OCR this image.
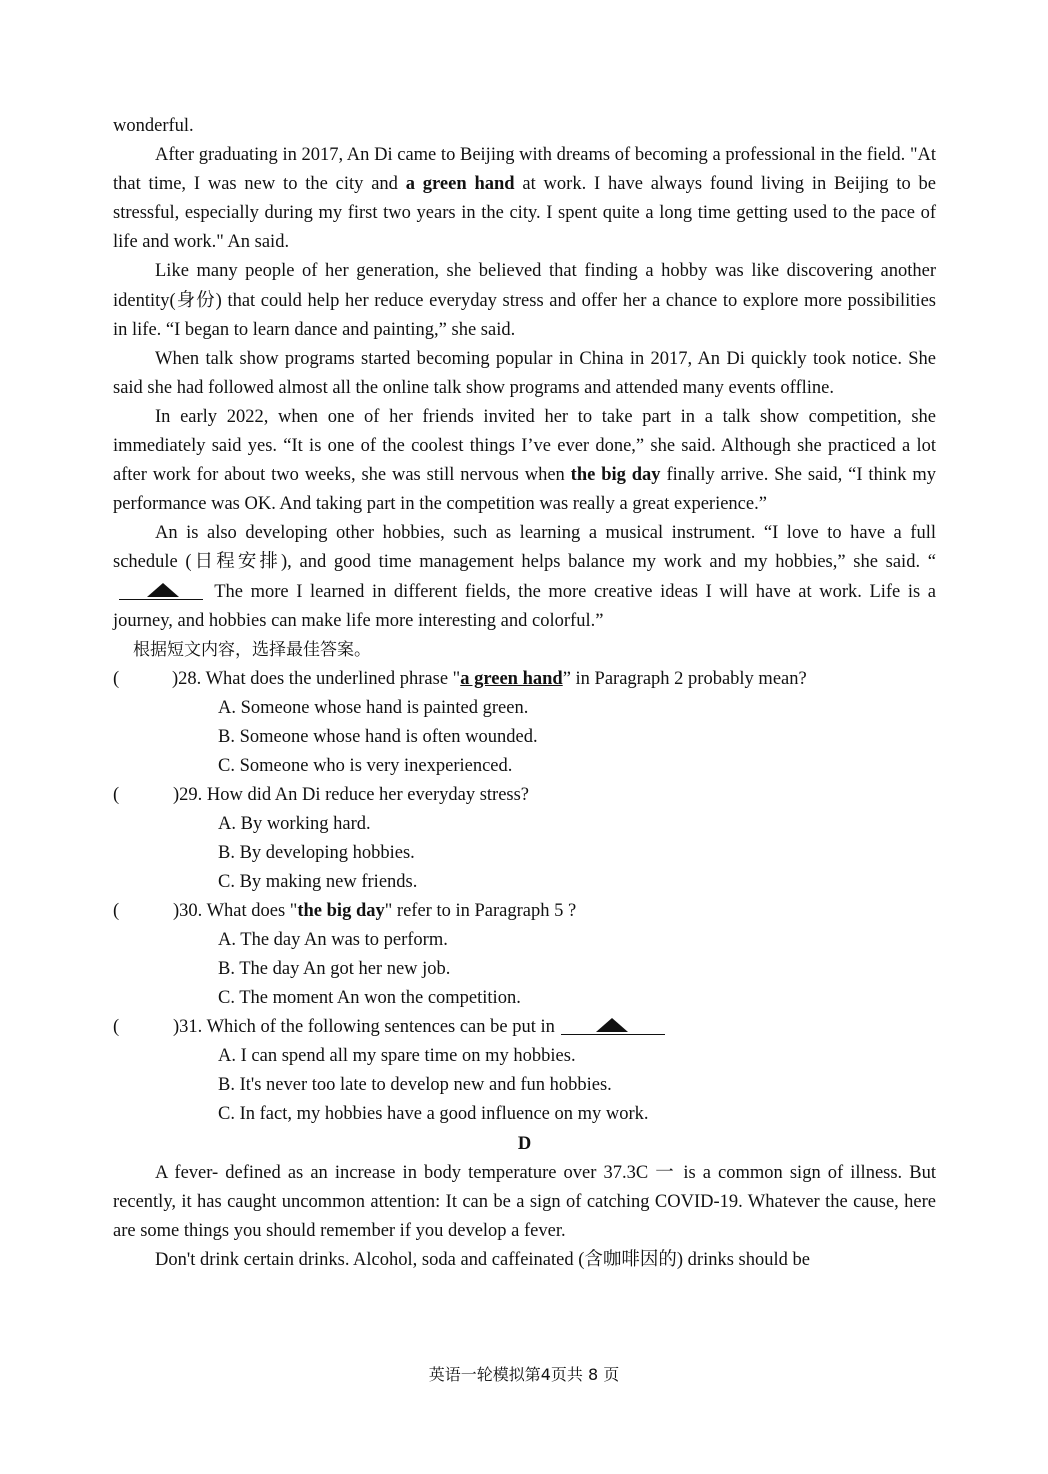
wonderful.

After graduating in 2017, An Di came to Beijing with dreams of becoming a professional in the field. "At that time, I was new to the city and a green hand at work. I have always found living in Beijing to be stressful, especially during my first two years in the city. I spent quite a long time getting used to the pace of life and work." An said.

Like many people of her generation, she believed that finding a hobby was like discovering another identity(身份) that could help her reduce everyday stress and offer her a chance to explore more possibilities in life. “I began to learn dance and painting,” she said.

When talk show programs started becoming popular in China in 2017, An Di quickly took notice. She said she had followed almost all the online talk show programs and attended many events offline.

In early 2022, when one of her friends invited her to take part in a talk show competition, she immediately said yes. “It is one of the coolest things I’ve ever done,” she said. Although she practiced a lot after work for about two weeks, she was still nervous when the big day finally arrive. She said, “I think my performance was OK. And taking part in the competition was really a great experience.”

An is also developing other hobbies, such as learning a musical instrument. “I love to have a full schedule (日程安排), and good time management helps balance my work and my hobbies,” she said. “
The more I learned in different fields, the more creative ideas I will have at work. Life is a journey, and hobbies can make life more interesting and colorful.”

根据短文内容，选择最佳答案。
(	)28. What does the underlined phrase "a green hand” in Paragraph 2 probably mean?
A. Someone whose hand is painted green.
B. Someone whose hand is often wounded.
C. Someone who is very inexperienced.
(	)29. How did An Di reduce her everyday stress?
A. By working hard.
B. By developing hobbies.
C. By making new friends.
(	)30. What does "the big day" refer to in Paragraph 5 ?
A. The day An was to perform.
B. The day An got her new job.
C. The moment An won the competition.
(	)31. Which of the following sentences can be put in
A. I can spend all my spare time on my hobbies.
B. It's never too late to develop new and fun hobbies.
C. In fact, my hobbies have a good influence on my work.
D

A fever- defined as an increase in body temperature over 37.3C 一 is a common sign of illness. But recently, it has caught uncommon attention: It can be a sign of catching COVID-19. Whatever the cause, here are some things you should remember if you develop a fever.

Don't drink certain drinks. Alcohol, soda and caffeinated (含咖啡因的) drinks should be

英语一轮模拟第4页共 8 页
